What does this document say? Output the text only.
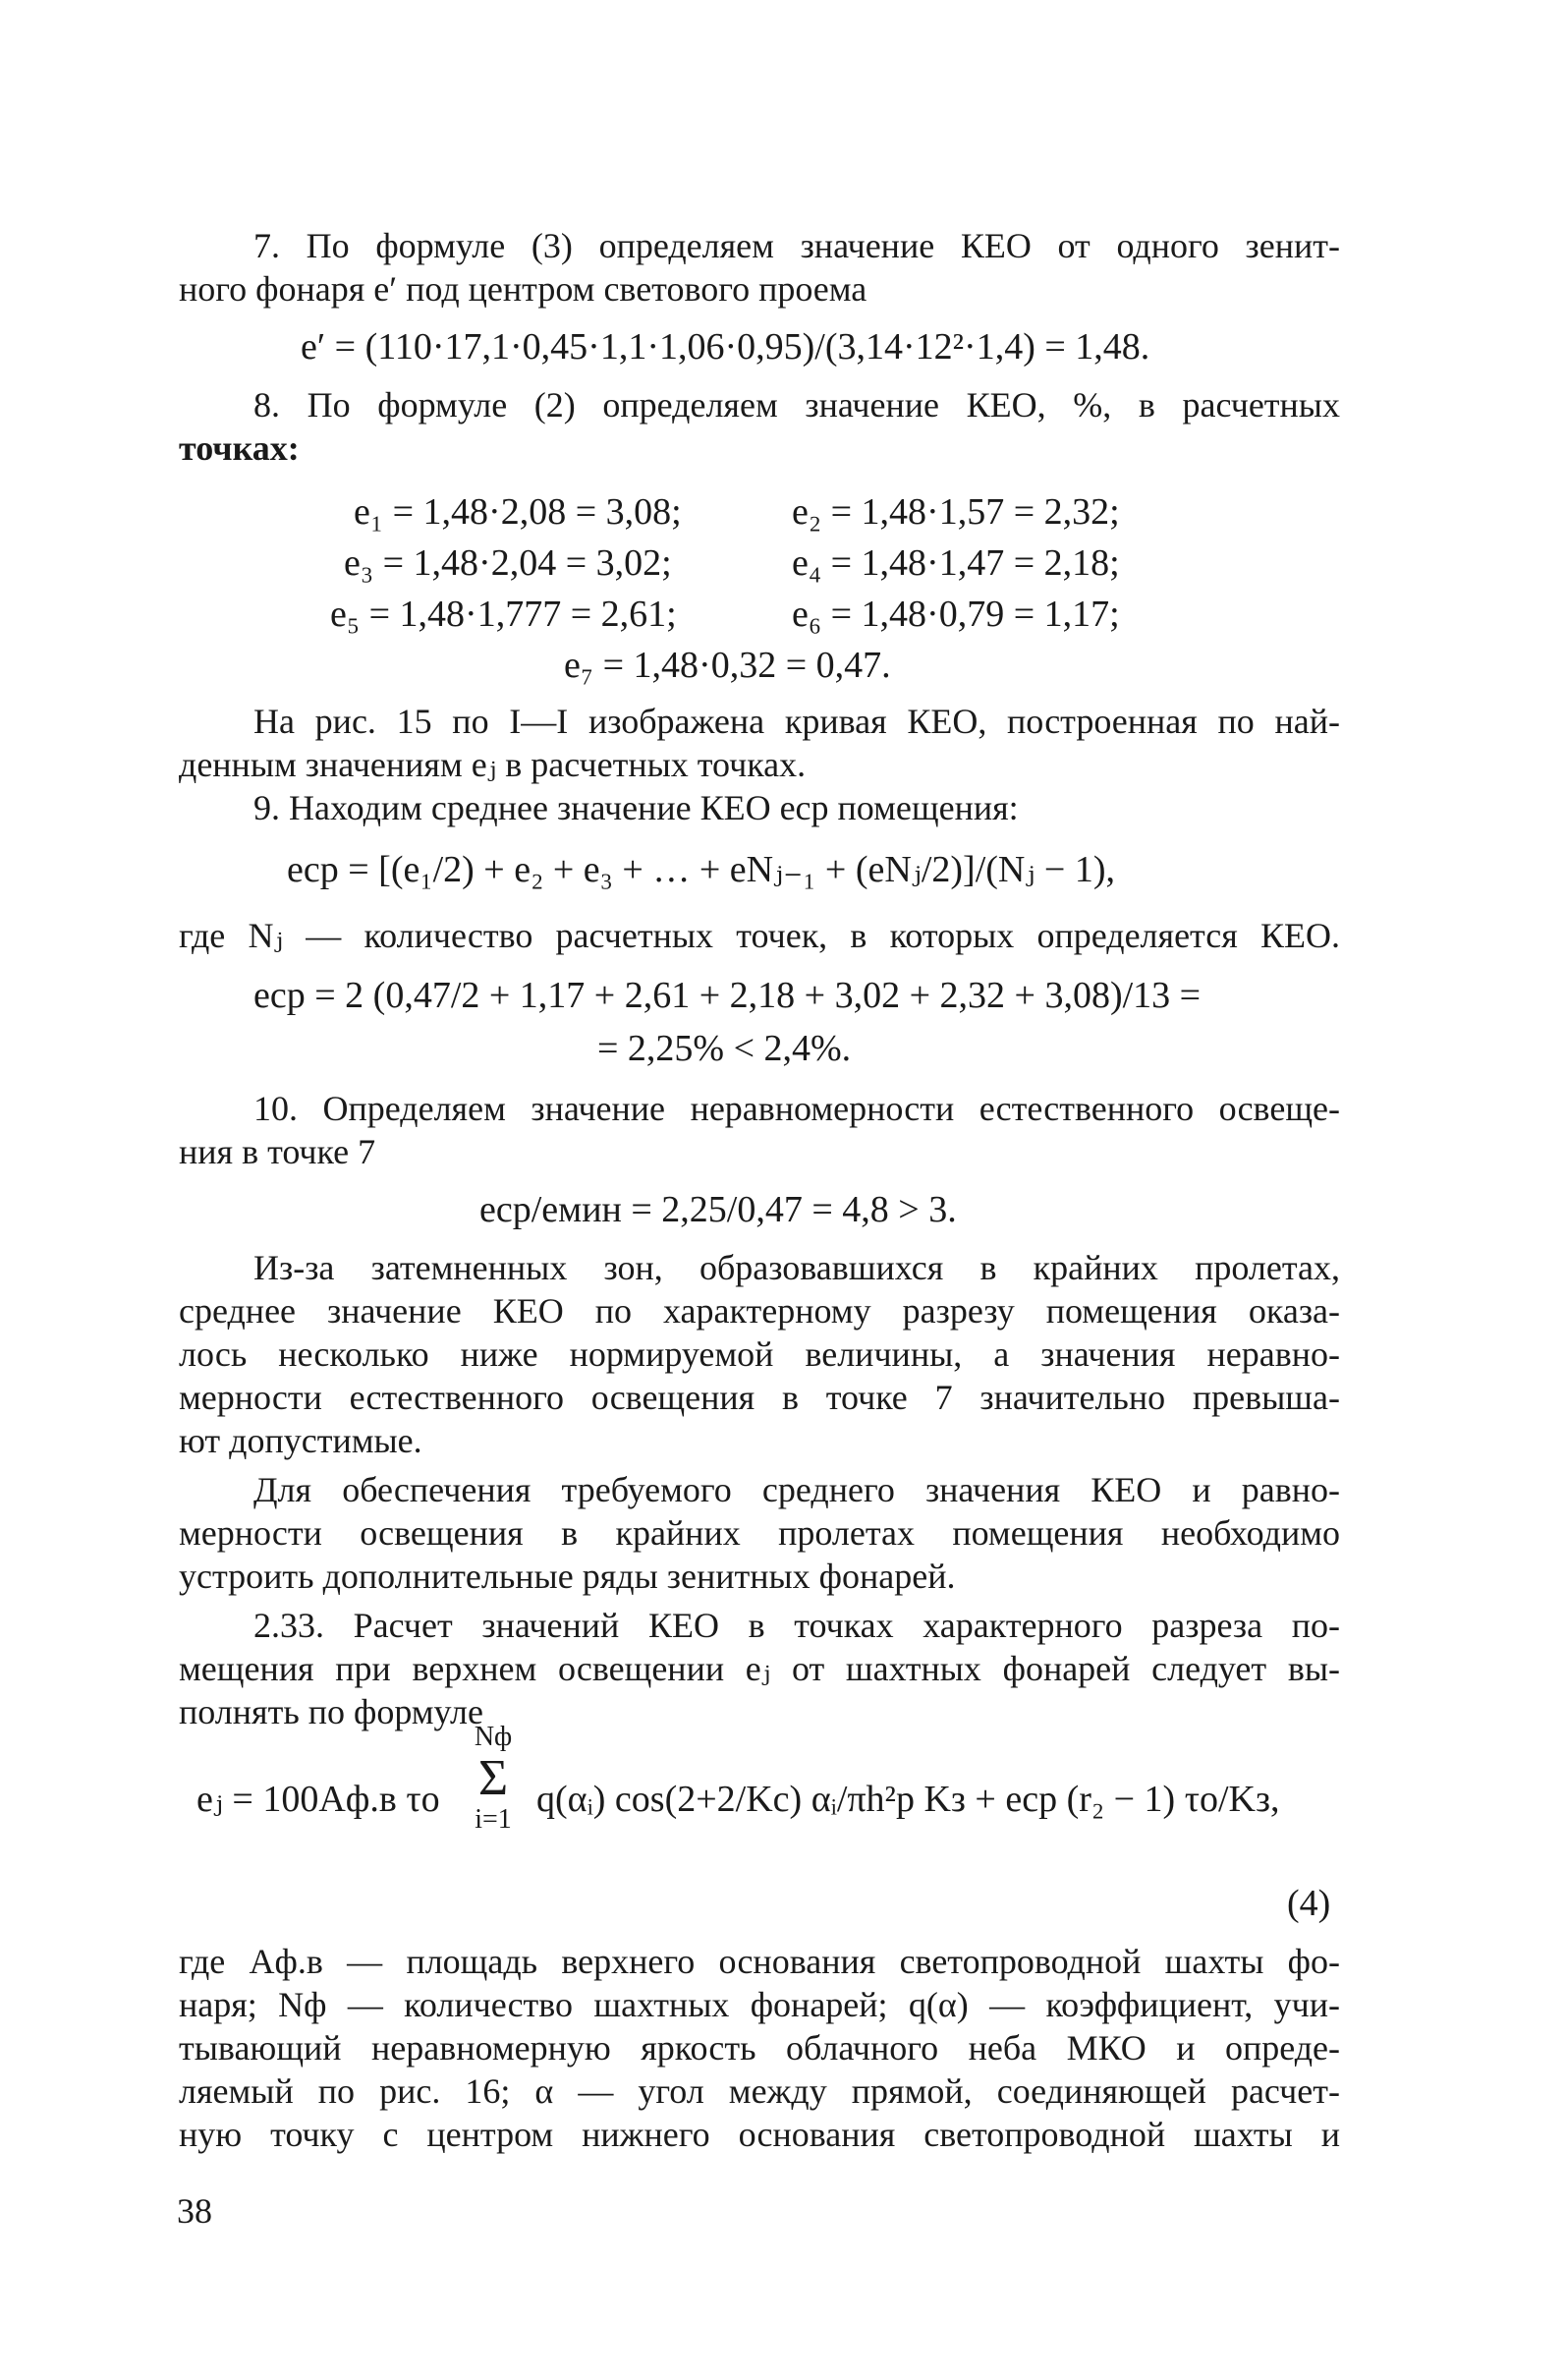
7. По формуле (3) определяем значение КЕО от одного зенит-
ного фонаря e′ под центром светового проема
e′ = (110·17,1·0,45·1,1·1,06·0,95)/(3,14·12²·1,4) = 1,48.
8. По формуле (2) определяем значение КЕО, %, в расчетных
точках:
e₁ = 1,48·2,08 = 3,08;	e₂ = 1,48·1,57 = 2,32;
e₃ = 1,48·2,04 = 3,02;	e₄ = 1,48·1,47 = 2,18;
e₅ = 1,48·1,777 = 2,61;	e₆ = 1,48·0,79 = 1,17;
e₇ = 1,48·0,32 = 0,47.
На рис. 15 по I—I изображена кривая КЕО, построенная по най-
денным значениям eⱼ в расчетных точках.
9. Находим среднее значение КЕО eср помещения:
eср = [(e₁/2) + e₂ + e₃ + … + eNⱼ₋₁ + (eNⱼ/2)]/(Nⱼ − 1),
где Nⱼ — количество расчетных точек, в которых определяется КЕО.
eср = 2 (0,47/2 + 1,17 + 2,61 + 2,18 + 3,02 + 2,32 + 3,08)/13 =
= 2,25% < 2,4%.
10. Определяем значение неравномерности естественного освеще-
ния в точке 7
eср/eмин = 2,25/0,47 = 4,8 > 3.
Из-за затемненных зон, образовавшихся в крайних пролетах,
среднее значение КЕО по характерному разрезу помещения оказа-
лось несколько ниже нормируемой величины, а значения неравно-
мерности естественного освещения в точке 7 значительно превыша-
ют допустимые.
Для обеспечения требуемого среднего значения КЕО и равно-
мерности освещения в крайних пролетах помещения необходимо
устроить дополнительные ряды зенитных фонарей.
2.33. Расчет значений КЕО в точках характерного разреза по-
мещения при верхнем освещении eⱼ от шахтных фонарей следует вы-
полнять по формуле
eⱼ = 100Aф.в τо
Nф
Σ
i=1 q(αᵢ) cos(2+2/Kс) αᵢ/πh²р Kз + eср (r₂ − 1) τо/Kз,
(4)
где Aф.в — площадь верхнего основания светопроводной шахты фо-
наря; Nф — количество шахтных фонарей; q(α) — коэффициент, учи-
тывающий неравномерную яркость облачного неба МКО и опреде-
ляемый по рис. 16; α — угол между прямой, соединяющей расчет-
ную точку с центром нижнего основания светопроводной шахты и
38
